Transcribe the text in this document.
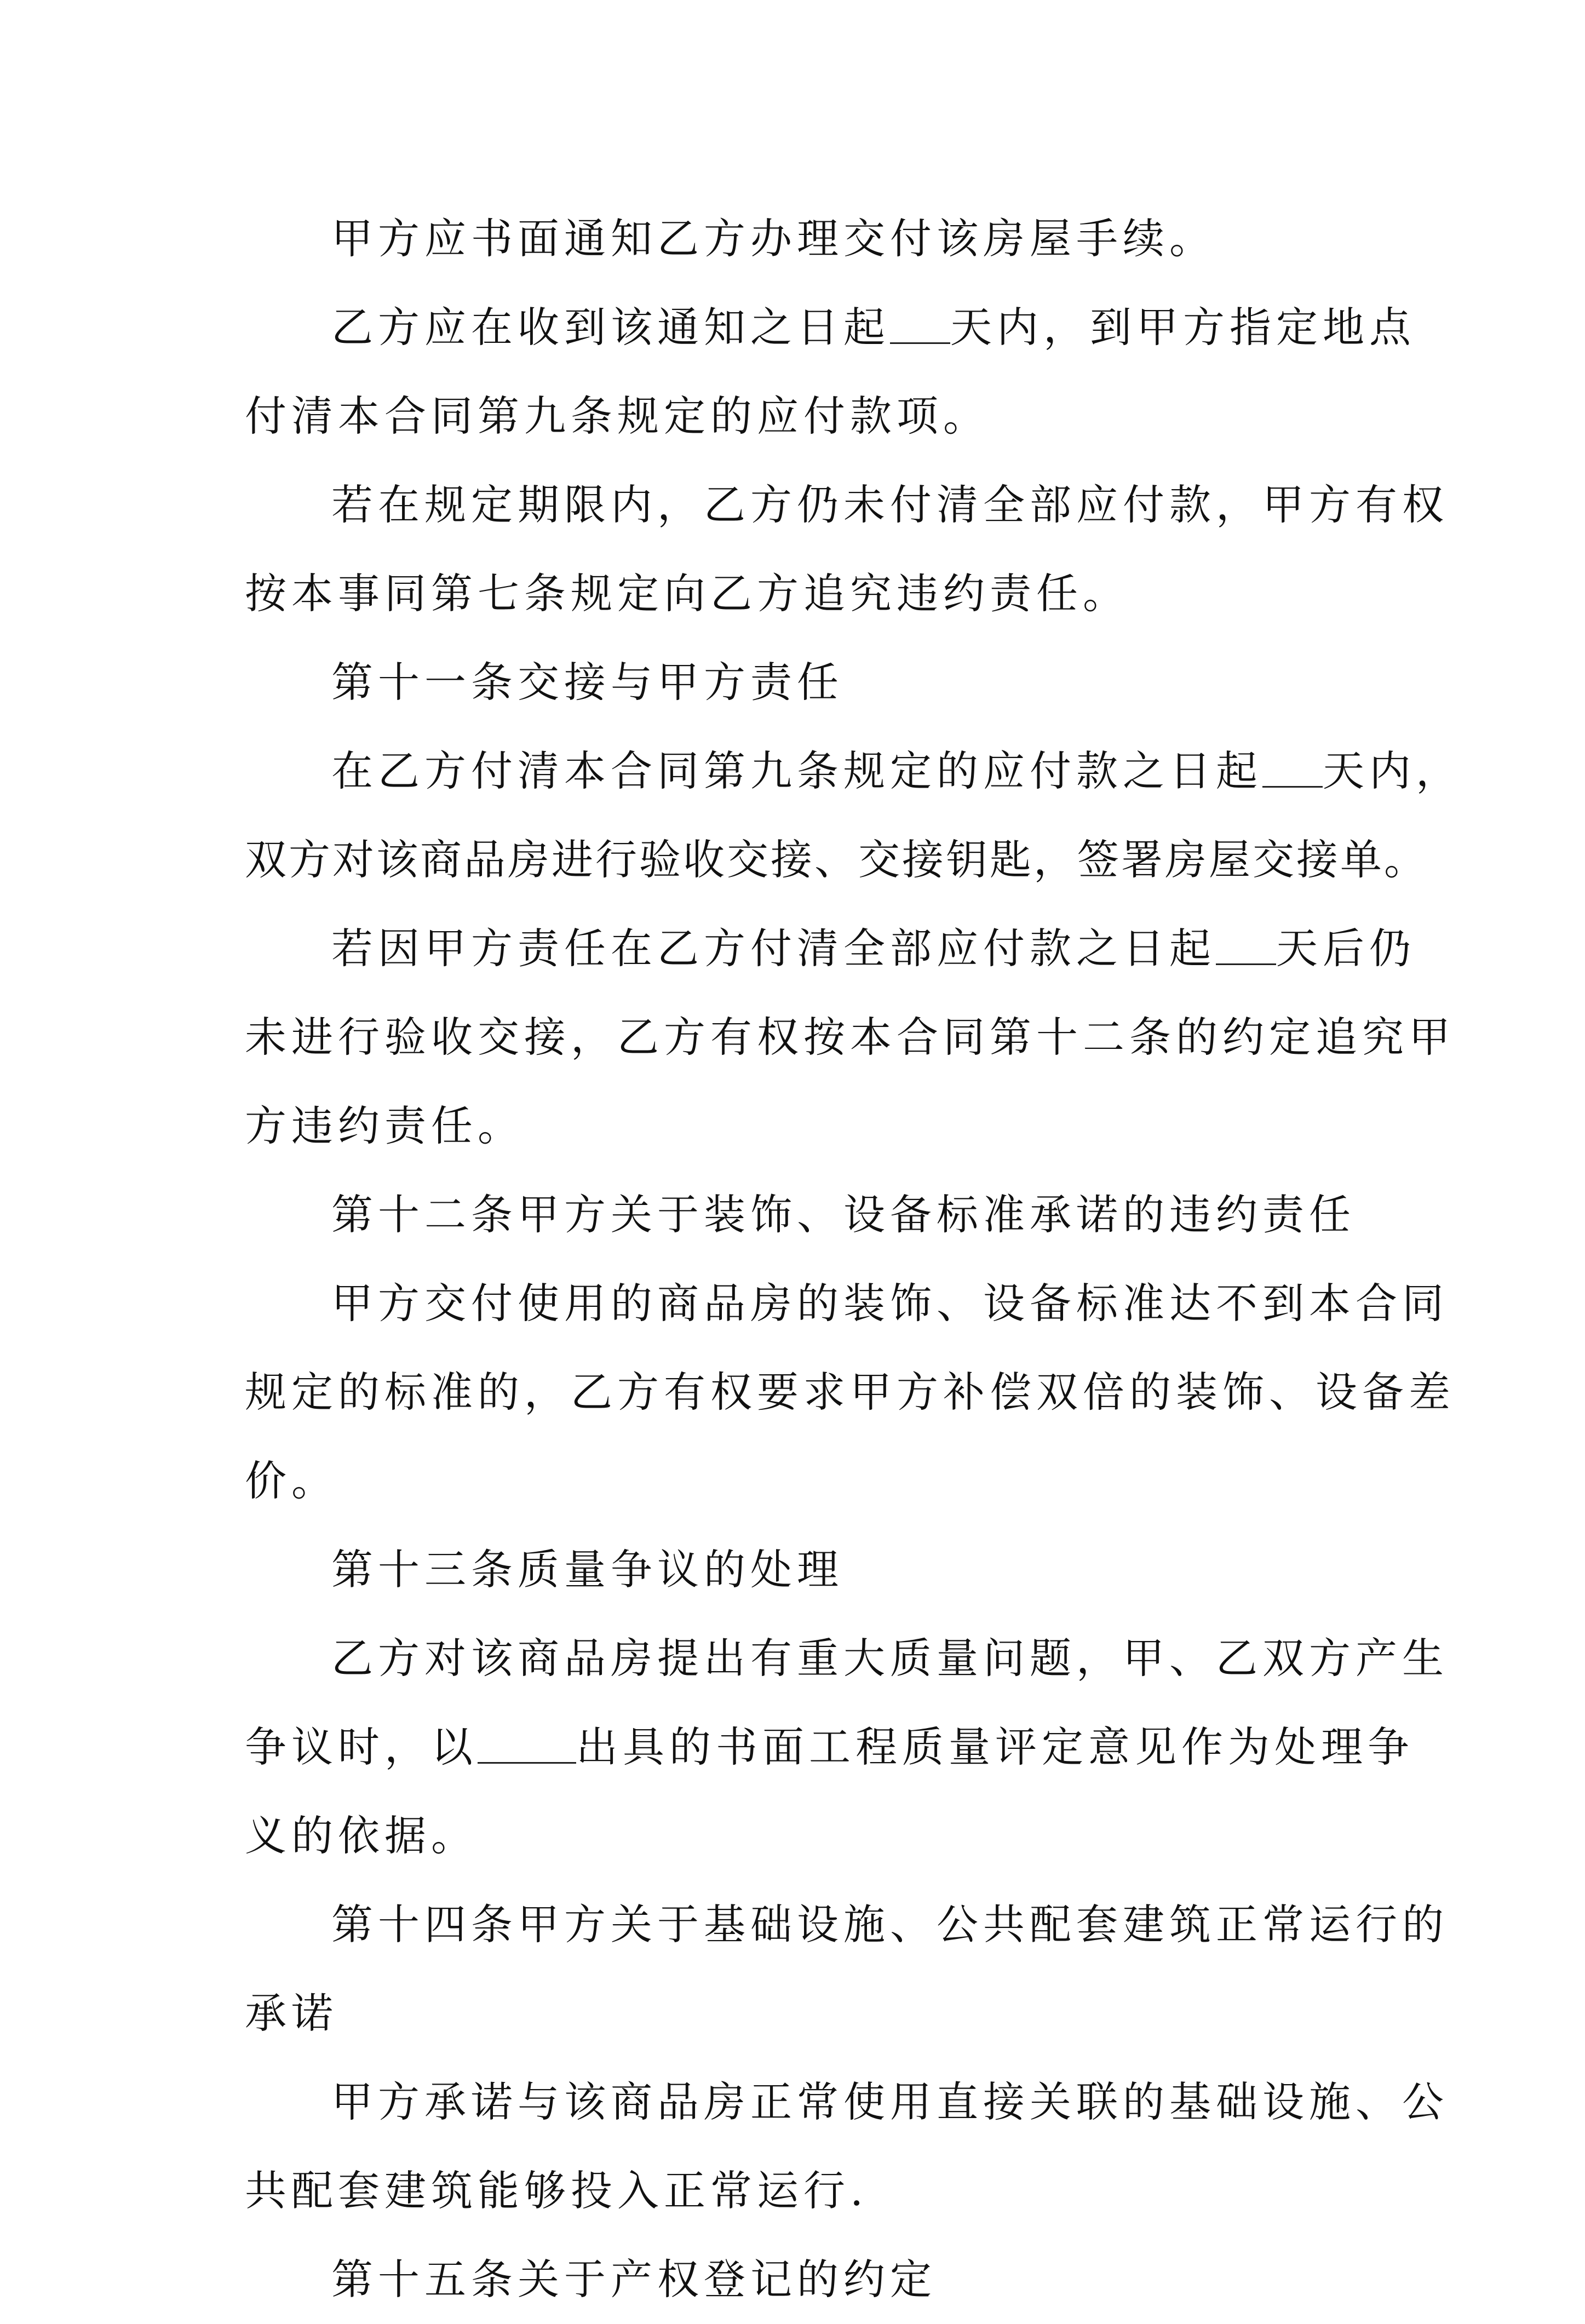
甲方应书面通知乙方办理交付该房屋手续。
乙方应在收到该通知之日起 天内，到甲方指定地点
付清本合同第九条规定的应付款项。
若在规定期限内，乙方仍未付清全部应付款，甲方有权
按本事同第七条规定向乙方追究违约责任。
第十一条交接与甲方责任
在乙方付清本合同第九条规定的应付款之日起 天内，
双方对该商品房进行验收交接、交接钥匙，签署房屋交接单。
若因甲方责任在乙方付清全部应付款之日起 天后仍
未进行验收交接，乙方有权按本合同第十二条的约定追究甲
方违约责任。
第十二条甲方关于装饰、设备标准承诺的违约责任
甲方交付使用的商品房的装饰、设备标准达不到本合同
规定的标准的，乙方有权要求甲方补偿双倍的装饰、设备差
价。
第十三条质量争议的处理
乙方对该商品房提出有重大质量问题，甲、乙双方产生
争议时，以 出具的书面工程质量评定意见作为处理争
义的依据。
第十四条甲方关于基础设施、公共配套建筑正常运行的
承诺
甲方承诺与该商品房正常使用直接关联的基础设施、公
共配套建筑能够投入正常运行.
第十五条关于产权登记的约定
